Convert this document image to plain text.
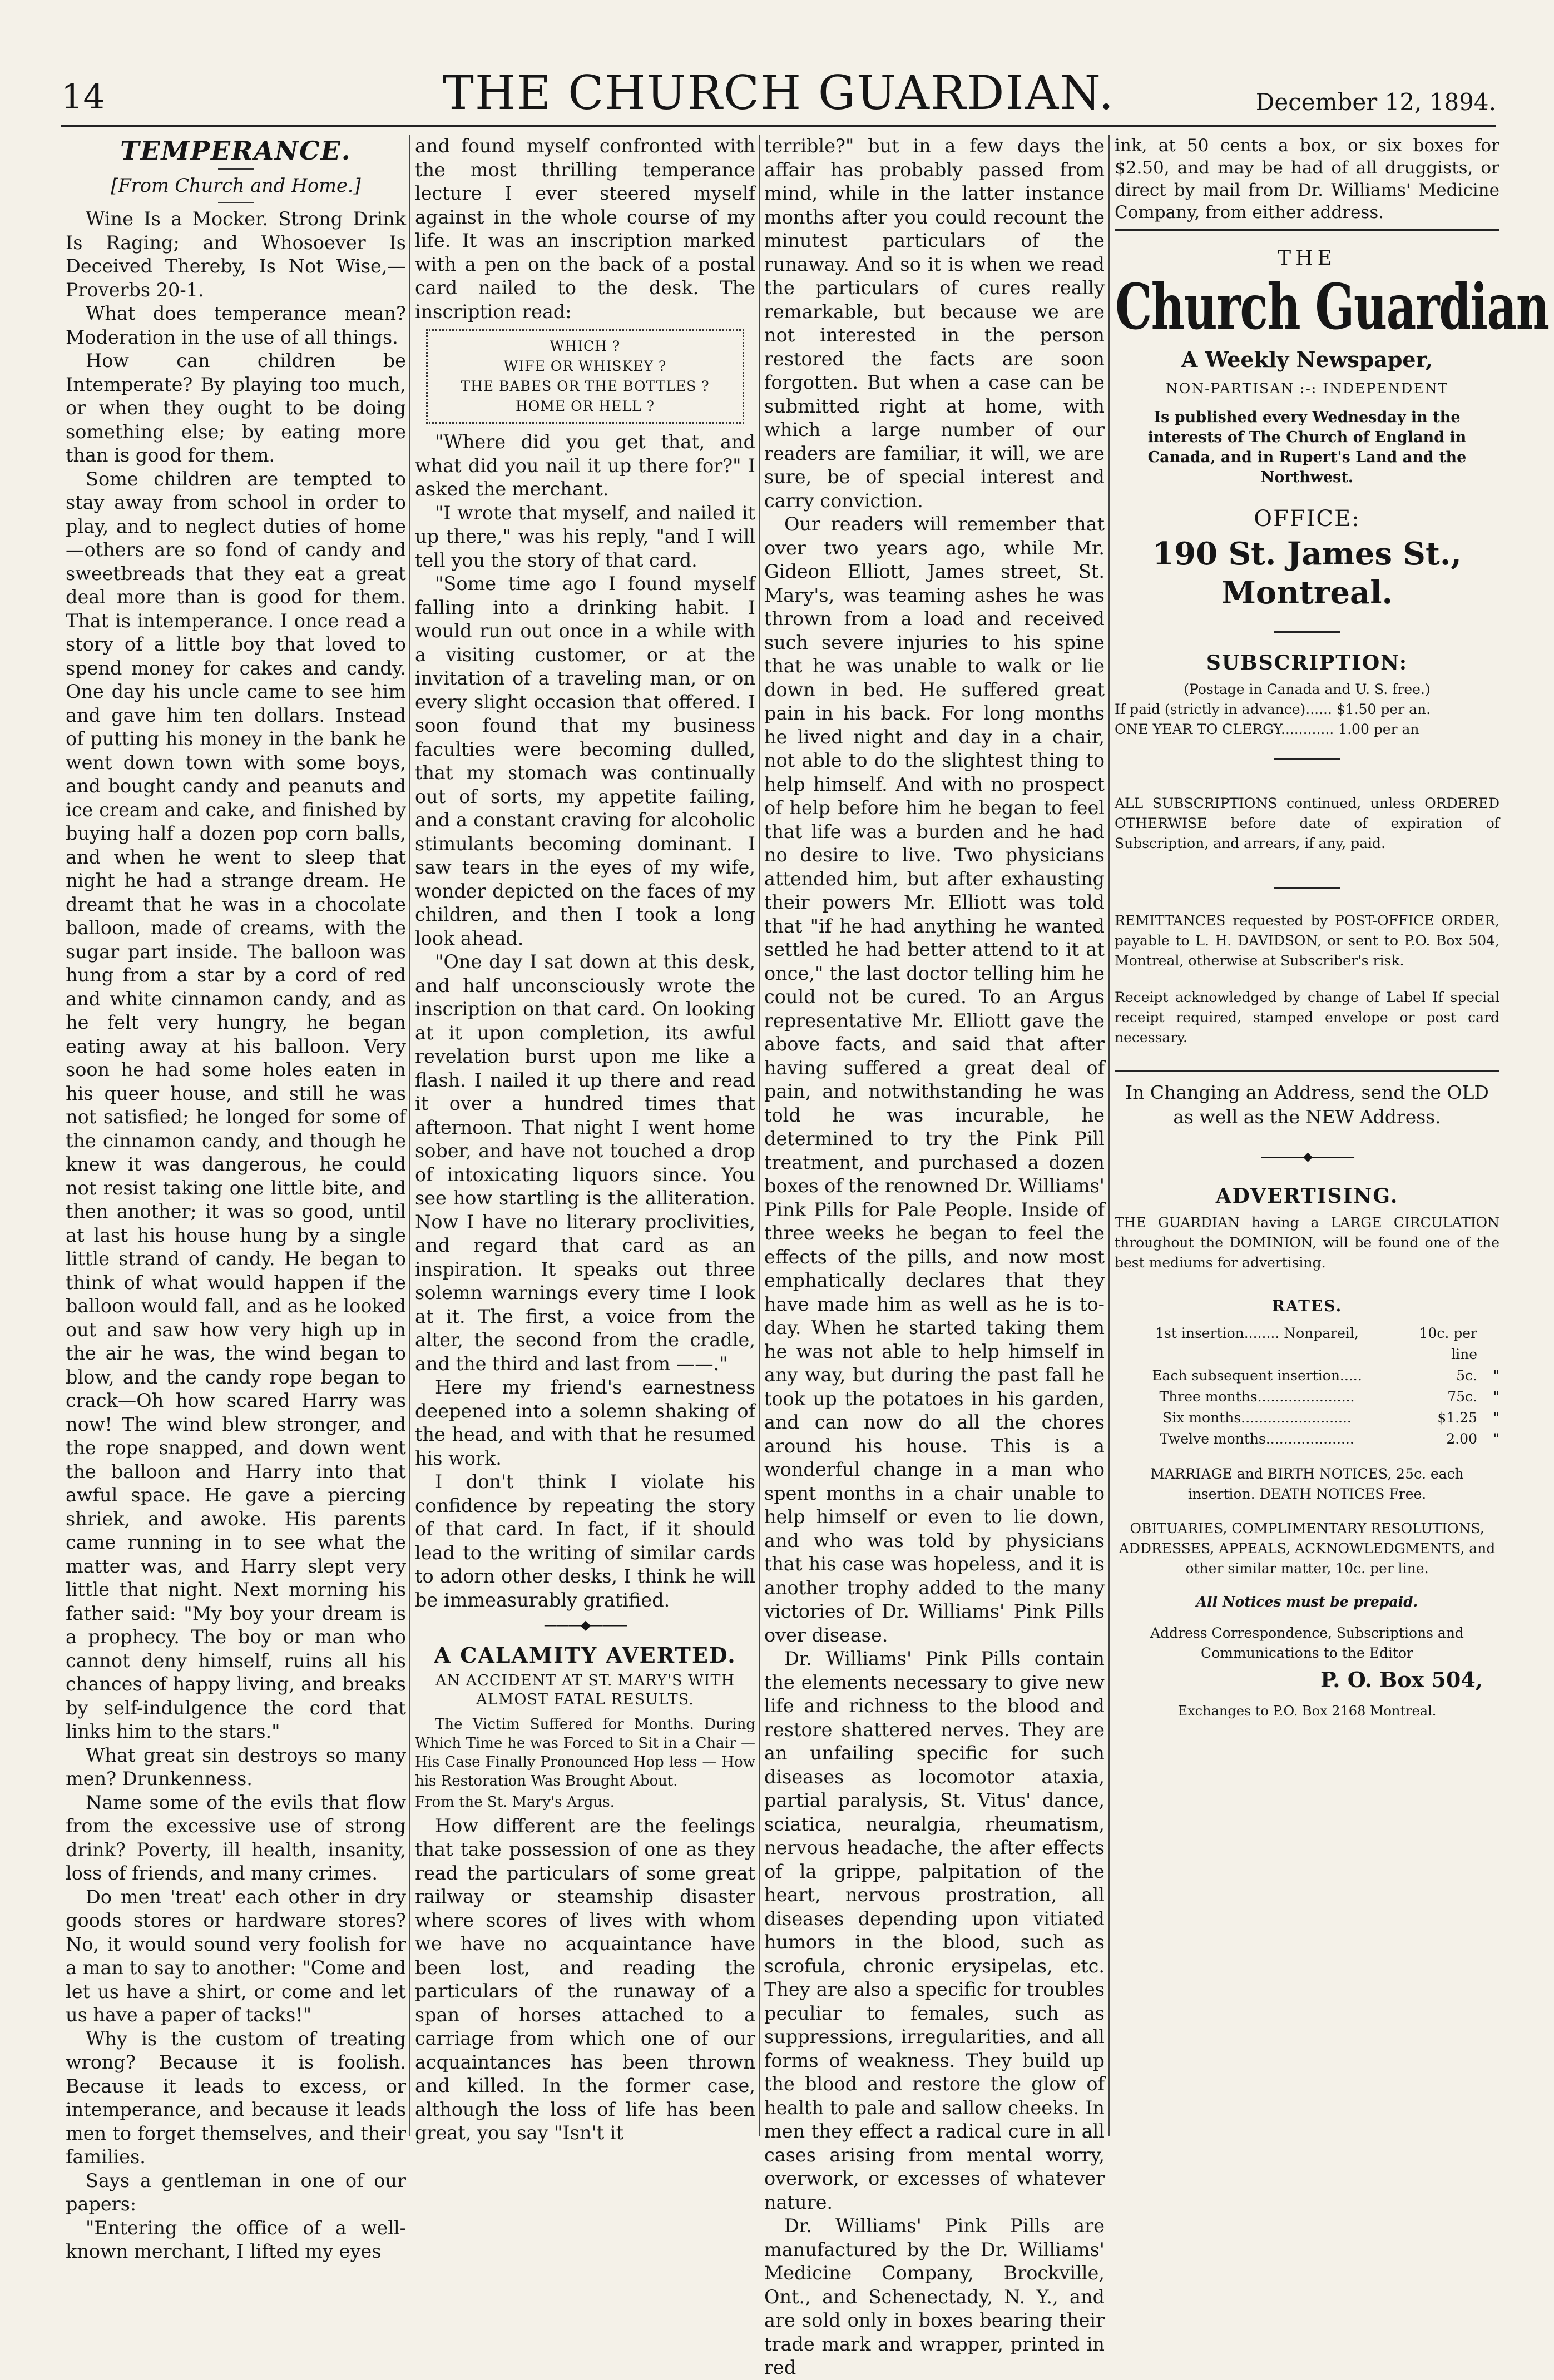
14	THE CHURCH GUARDIAN.	December 12, 1894.
TEMPERANCE.
[From Church and Home.]

Wine Is a Mocker. Strong Drink Is Raging; and Whosoever Is Deceived Thereby, Is Not Wise,— Proverbs 20-1.

What does temperance mean? Moderation in the use of all things.

How can children be Intemperate? By playing too much, or when they ought to be doing something else; by eating more than is good for them.

Some children are tempted to stay away from school in order to play, and to neglect duties of home—others are so fond of candy and sweetbreads that they eat a great deal more than is good for them. That is intemperance. I once read a story of a little boy that loved to spend money for cakes and candy. One day his uncle came to see him and gave him ten dollars. Instead of putting his money in the bank he went down town with some boys, and bought candy and peanuts and ice cream and cake, and finished by buying half a dozen pop corn balls, and when he went to sleep that night he had a strange dream. He dreamt that he was in a chocolate balloon, made of creams, with the sugar part inside. The balloon was hung from a star by a cord of red and white cinnamon candy, and as he felt very hungry, he began eating away at his balloon. Very soon he had some holes eaten in his queer house, and still he was not satisfied; he longed for some of the cinnamon candy, and though he knew it was dangerous, he could not resist taking one little bite, and then another; it was so good, until at last his house hung by a single little strand of candy. He began to think of what would happen if the balloon would fall, and as he looked out and saw how very high up in the air he was, the wind began to blow, and the candy rope began to crack—Oh how scared Harry was now! The wind blew stronger, and the rope snapped, and down went the balloon and Harry into that awful space. He gave a piercing shriek, and awoke. His parents came running in to see what the matter was, and Harry slept very little that night. Next morning his father said: "My boy your dream is a prophecy. The boy or man who cannot deny himself, ruins all his chances of happy living, and breaks by self-indulgence the cord that links him to the stars."

What great sin destroys so many men? Drunkenness.

Name some of the evils that flow from the excessive use of strong drink? Poverty, ill health, insanity, loss of friends, and many crimes.

Do men 'treat' each other in dry goods stores or hardware stores? No, it would sound very foolish for a man to say to another: "Come and let us have a shirt, or come and let us have a paper of tacks!"

Why is the custom of treating wrong? Because it is foolish. Because it leads to excess, or intemperance, and because it leads men to forget themselves, and their families.

Says a gentleman in one of our papers:

"Entering the office of a well-known merchant, I lifted my eyes

and found myself confronted with the most thrilling temperance lecture I ever steered myself against in the whole course of my life. It was an inscription marked with a pen on the back of a postal card nailed to the desk. The inscription read:

WHICH ?
WIFE OR WHISKEY ?
THE BABES OR THE BOTTLES ?
HOME OR HELL ?

"Where did you get that, and what did you nail it up there for?" I asked the merchant.

"I wrote that myself, and nailed it up there," was his reply, "and I will tell you the story of that card.

"Some time ago I found myself falling into a drinking habit. I would run out once in a while with a visiting customer, or at the invitation of a traveling man, or on every slight occasion that offered. I soon found that my business faculties were becoming dulled, that my stomach was continually out of sorts, my appetite failing, and a constant craving for alcoholic stimulants becoming dominant. I saw tears in the eyes of my wife, wonder depicted on the faces of my children, and then I took a long look ahead.

"One day I sat down at this desk, and half unconsciously wrote the inscription on that card. On looking at it upon completion, its awful revelation burst upon me like a flash. I nailed it up there and read it over a hundred times that afternoon. That night I went home sober, and have not touched a drop of intoxicating liquors since. You see how startling is the alliteration. Now I have no literary proclivities, and regard that card as an inspiration. It speaks out three solemn warnings every time I look at it. The first, a voice from the alter, the second from the cradle, and the third and last from ——."

Here my friend's earnestness deepened into a solemn shaking of the head, and with that he resumed his work.

I don't think I violate his confidence by repeating the story of that card. In fact, if it should lead to the writing of similar cards to adorn other desks, I think he will be immeasurably gratified.

———◆———
A CALAMITY AVERTED.
AN ACCIDENT AT ST. MARY'S WITH ALMOST FATAL RESULTS.

The Victim Suffered for Months. During Which Time he was Forced to Sit in a Chair — His Case Finally Pronounced Hop less — How his Restoration Was Brought About.

From the St. Mary's Argus.

How different are the feelings that take possession of one as they read the particulars of some great railway or steamship disaster where scores of lives with whom we have no acquaintance have been lost, and reading the particulars of the runaway of a span of horses attached to a carriage from which one of our acquaintances has been thrown and killed. In the former case, although the loss of life has been great, you say "Isn't it

terrible?" but in a few days the affair has probably passed from mind, while in the latter instance months after you could recount the minutest particulars of the runaway. And so it is when we read the particulars of cures really remarkable, but because we are not interested in the person restored the facts are soon forgotten. But when a case can be submitted right at home, with which a large number of our readers are familiar, it will, we are sure, be of special interest and carry conviction.

Our readers will remember that over two years ago, while Mr. Gideon Elliott, James street, St. Mary's, was teaming ashes he was thrown from a load and received such severe injuries to his spine that he was unable to walk or lie down in bed. He suffered great pain in his back. For long months he lived night and day in a chair, not able to do the slightest thing to help himself. And with no prospect of help before him he began to feel that life was a burden and he had no desire to live. Two physicians attended him, but after exhausting their powers Mr. Elliott was told that "if he had anything he wanted settled he had better attend to it at once," the last doctor telling him he could not be cured. To an Argus representative Mr. Elliott gave the above facts, and said that after having suffered a great deal of pain, and notwithstanding he was told he was incurable, he determined to try the Pink Pill treatment, and purchased a dozen boxes of the renowned Dr. Williams' Pink Pills for Pale People. Inside of three weeks he began to feel the effects of the pills, and now most emphatically declares that they have made him as well as he is to-day. When he started taking them he was not able to help himself in any way, but during the past fall he took up the potatoes in his garden, and can now do all the chores around his house. This is a wonderful change in a man who spent months in a chair unable to help himself or even to lie down, and who was told by physicians that his case was hopeless, and it is another trophy added to the many victories of Dr. Williams' Pink Pills over disease.

Dr. Williams' Pink Pills contain the elements necessary to give new life and richness to the blood and restore shattered nerves. They are an unfailing specific for such diseases as locomotor ataxia, partial paralysis, St. Vitus' dance, sciatica, neuralgia, rheumatism, nervous headache, the after effects of la grippe, palpitation of the heart, nervous prostration, all diseases depending upon vitiated humors in the blood, such as scrofula, chronic erysipelas, etc. They are also a specific for troubles peculiar to females, such as suppressions, irregularities, and all forms of weakness. They build up the blood and restore the glow of health to pale and sallow cheeks. In men they effect a radical cure in all cases arising from mental worry, overwork, or excesses of whatever nature.

Dr. Williams' Pink Pills are manufactured by the Dr. Williams' Medicine Company, Brockville, Ont., and Schenectady, N. Y., and are sold only in boxes bearing their trade mark and wrapper, printed in red

ink, at 50 cents a box, or six boxes for $2.50, and may be had of all druggists, or direct by mail from Dr. Williams' Medicine Company, from either address.

THE
Church Guardian
A Weekly Newspaper,
NON-PARTISAN :-: INDEPENDENT
Is published every Wednesday in the interests of The Church of England in Canada, and in Rupert's Land and the Northwest.
OFFICE:
190 St. James St., Montreal.
SUBSCRIPTION:
(Postage in Canada and U. S. free.)
If paid (strictly in advance)...... $1.50 per an.
ONE YEAR TO CLERGY............ 1.00 per an
ALL SUBSCRIPTIONS continued, unless ORDERED OTHERWISE before date of expiration of Subscription, and arrears, if any, paid.
REMITTANCES requested by POST-OFFICE ORDER, payable to L. H. DAVIDSON, or sent to P.O. Box 504, Montreal, otherwise at Subscriber's risk.
Receipt acknowledged by change of Label If special receipt required, stamped envelope or post card necessary.
In Changing an Address, send the OLD as well as the NEW Address.
————◆————
ADVERTISING.
THE GUARDIAN having a LARGE CIRCULATION throughout the DOMINION, will be found one of the best mediums for advertising.
RATES.
1st insertion........ Nonpareil,	10c. per line
Each subsequent insertion.....	5c.	"
Three months......................	75c.	"
Six months.........................	$1.25	"
Twelve months....................	2.00	"
MARRIAGE and BIRTH NOTICES, 25c. each insertion. DEATH NOTICES Free.
OBITUARIES, COMPLIMENTARY RESOLUTIONS, ADDRESSES, APPEALS, ACKNOWLEDGMENTS, and other similar matter, 10c. per line.
All Notices must be prepaid.
Address Correspondence, Subscriptions and Communications to the Editor
P. O. Box 504,
Exchanges to P.O. Box 2168 Montreal.
